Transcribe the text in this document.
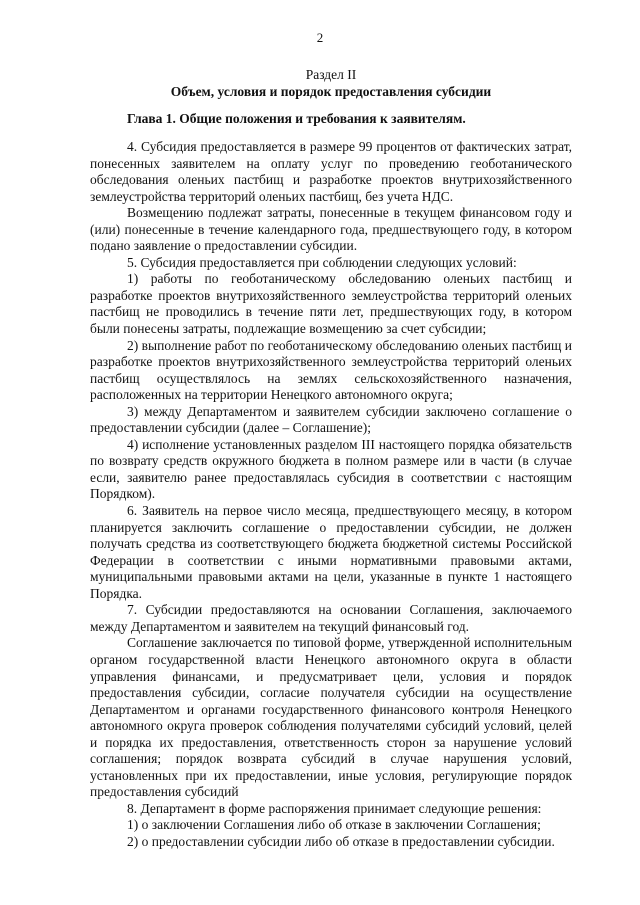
2
Раздел II
Объем, условия и порядок предоставления субсидии
Глава 1. Общие положения и требования к заявителям.

4. Субсидия предоставляется в размере 99 процентов от фактических затрат, понесенных заявителем на оплату услуг по проведению геоботанического обследования оленьих пастбищ и разработке проектов внутрихозяйственного землеустройства территорий оленьих пастбищ, без учета НДС.

Возмещению подлежат затраты, понесенные в текущем финансовом году и (или) понесенные в течение календарного года, предшествующего году, в котором подано заявление о предоставлении субсидии.

5. Субсидия предоставляется при соблюдении следующих условий:

1) работы по геоботаническому обследованию оленьих пастбищ и разработке проектов внутрихозяйственного землеустройства территорий оленьих пастбищ не проводились в течение пяти лет, предшествующих году, в котором были понесены затраты, подлежащие возмещению за счет субсидии;

2) выполнение работ по геоботаническому обследованию оленьих пастбищ и разработке проектов внутрихозяйственного землеустройства территорий оленьих пастбищ осуществлялось на землях сельскохозяйственного назначения, расположенных на территории Ненецкого автономного округа;

3) между Департаментом и заявителем субсидии заключено соглашение о предоставлении субсидии (далее – Соглашение);

4) исполнение установленных разделом III настоящего порядка обязательств по возврату средств окружного бюджета в полном размере или в части (в случае если, заявителю ранее предоставлялась субсидия в соответствии с настоящим Порядком).

6. Заявитель на первое число месяца, предшествующего месяцу, в котором планируется заключить соглашение о предоставлении субсидии, не должен получать средства из соответствующего бюджета бюджетной системы Российской Федерации в соответствии с иными нормативными правовыми актами, муниципальными правовыми актами на цели, указанные в пункте 1 настоящего Порядка.

7. Субсидии предоставляются на основании Соглашения, заключаемого между Департаментом и заявителем на текущий финансовый год.

Соглашение заключается по типовой форме, утвержденной исполнительным органом государственной власти Ненецкого автономного округа в области управления финансами, и предусматривает цели, условия и порядок предоставления субсидии, согласие получателя субсидии на осуществление Департаментом и органами государственного финансового контроля Ненецкого автономного округа проверок соблюдения получателями субсидий условий, целей и порядка их предоставления, ответственность сторон за нарушение условий соглашения; порядок возврата субсидий в случае нарушения условий, установленных при их предоставлении, иные условия, регулирующие порядок предоставления субсидий

8. Департамент в форме распоряжения принимает следующие решения:

1) о заключении Соглашения либо об отказе в заключении Соглашения;

2) о предоставлении субсидии либо об отказе в предоставлении субсидии.
